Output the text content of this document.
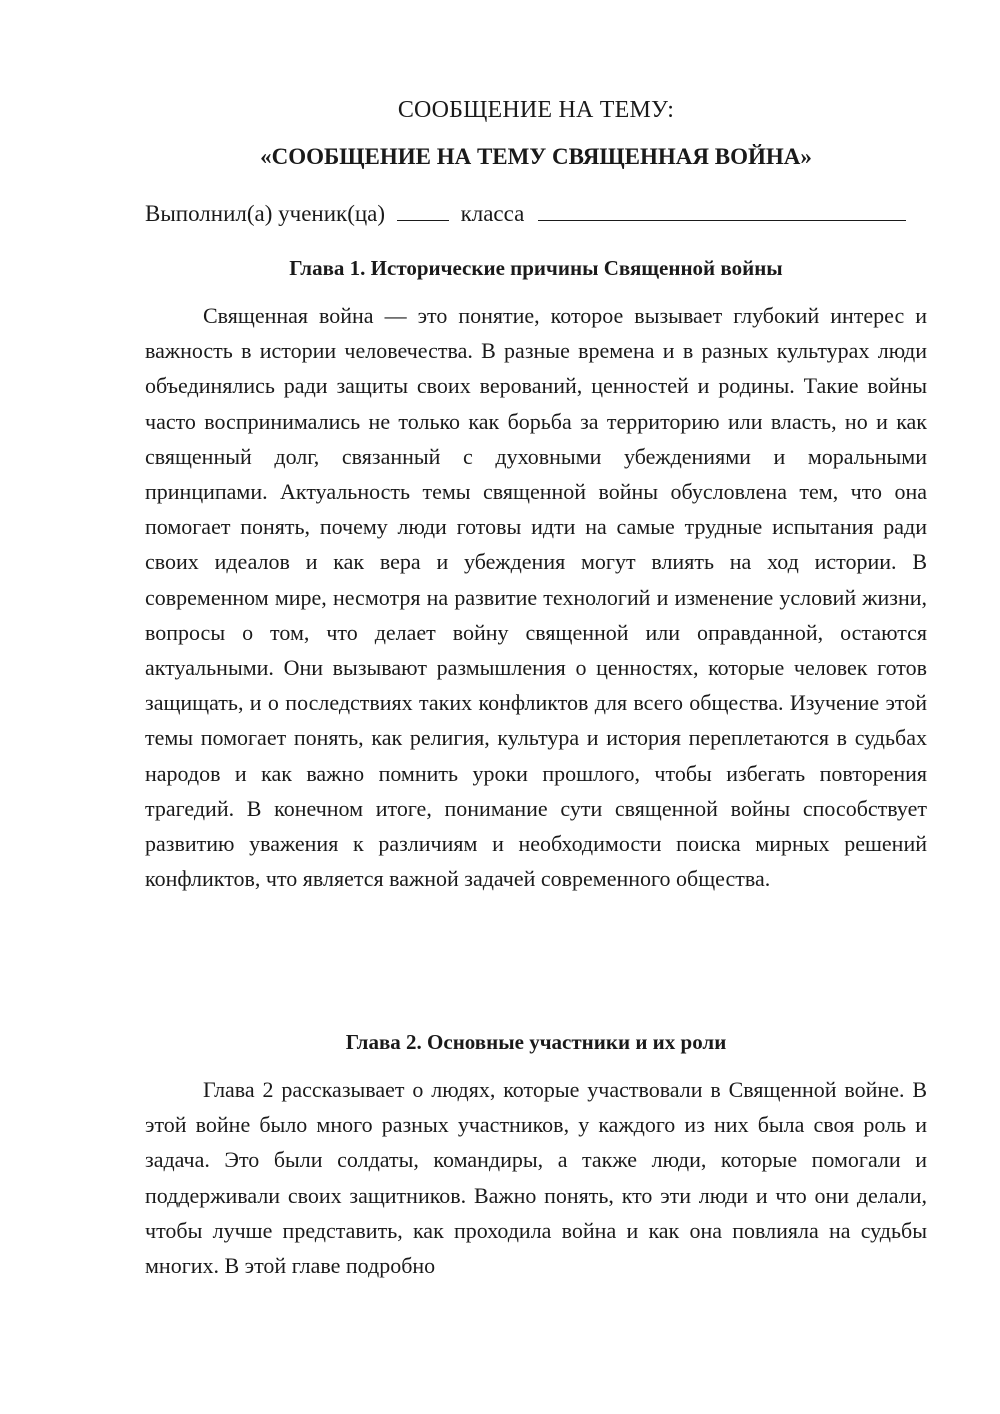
СООБЩЕНИЕ НА ТЕМУ:
«СООБЩЕНИЕ НА ТЕМУ СВЯЩЕННАЯ ВОЙНА»
Выполнил(а) ученик(ца)	класса
Глава 1. Исторические причины Священной войны

Священная война — это понятие, которое вызывает глубокий интерес и важность в истории человечества. В разные времена и в разных культурах люди объединялись ради защиты своих верований, ценностей и родины. Такие войны часто воспринимались не только как борьба за территорию или власть, но и как священный долг, связанный с духовными убеждениями и моральными принципами. Актуальность темы священной войны обусловлена тем, что она помогает понять, почему люди готовы идти на самые трудные испытания ради своих идеалов и как вера и убеждения могут влиять на ход истории. В современном мире, несмотря на развитие технологий и изменение условий жизни, вопросы о том, что делает войну священной или оправданной, остаются актуальными. Они вызывают размышления о ценностях, которые человек готов защищать, и о последствиях таких конфликтов для всего общества. Изучение этой темы помогает понять, как религия, культура и история переплетаются в судьбах народов и как важно помнить уроки прошлого, чтобы избегать повторения трагедий. В конечном итоге, понимание сути священной войны способствует развитию уважения к различиям и необходимости поиска мирных решений конфликтов, что является важной задачей современного общества.

Глава 2. Основные участники и их роли

Глава 2 рассказывает о людях, которые участвовали в Священной войне. В этой войне было много разных участников, у каждого из них была своя роль и задача. Это были солдаты, командиры, а также люди, которые помогали и поддерживали своих защитников. Важно понять, кто эти люди и что они делали, чтобы лучше представить, как проходила война и как она повлияла на судьбы многих. В этой главе подробно
